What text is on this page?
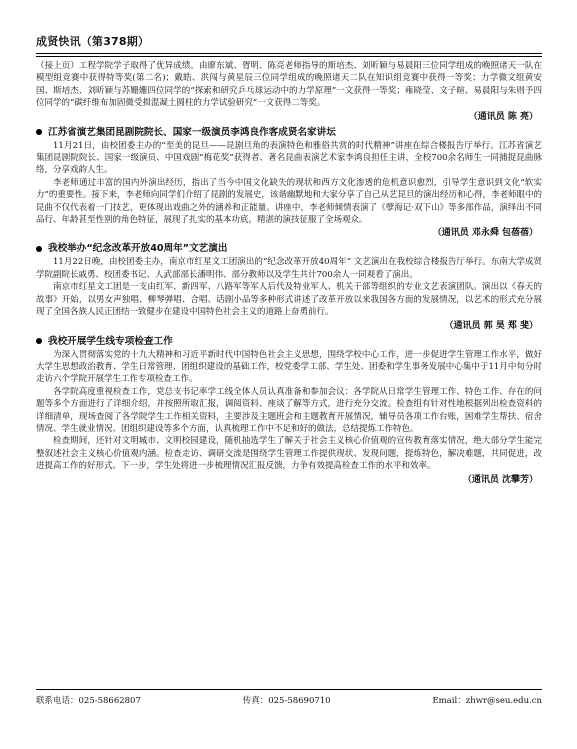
成贤快讯（第378期）

（接上页）工程学院学子取得了优异成绩。由廖东斌、胥明、陈亮老师指导的斯培杰、刘昕颖与易晨阳三位同学组成的晚照诸天一队在模型组竞赛中获得特等奖(第二名)；戴皓、洪闯与黄星辰三位同学组成的晚照诸天二队在知识组竞赛中获得一等奖；力学微文组黄安国、斯培杰、刘昕颖与苏姗姗四位同学的“探索和研究乒乓球运动中的力学原理”一文获得一等奖；雍晓莹、文子暄、易晨阳与朱则予四位同学的“碳纤维布加固微受损混凝土圆柱的力学试验研究”一文获得二等奖。

（通讯员 陈 亮）
江苏省演艺集团昆剧院院长、国家一级演员李鸿良作客成贤名家讲坛

11月21日，由校团委主办的“至美的昆旦——昆剧旦角的表演特色和雅俗共赏的时代精神”讲座在综合楼报告厅举行。江苏省演艺集团昆剧院院长、国家一级演员、中国戏剧“梅花奖”获得者、著名昆曲表演艺术家李鸿良担任主讲，全校700余名师生一同捕捉昆曲脉络，分享戏韵人生。

李老师通过丰富的国内外演出经历，指出了当今中国文化缺失的现状和西方文化渗透的危机意识愈烈，引导学生意识到文化“软实力”的重要性。接下来，李老师向同学们介绍了昆剧的发展史，该谐幽默地和大家分享了自己从艺昆旦的演出经历和心得，李老师眼中的昆曲不仅代表着一门技艺，更体现出戏曲之外的涵养和正能量。讲座中，李老师倾情表演了《孽海记·双下山》等多部作品，演绎出不同品行、年龄甚至性别的角色特征，展现了扎实的基本功底，精湛的演技征服了全场观众。

（通讯员 邓永舜 包蓓蓓）
我校举办“纪念改革开放40周年”文艺演出

11月22日晚，由校团委主办，南京市红星文工团演出的“纪念改革开放40周年” 文艺演出在我校综合楼报告厅举行。东南大学成贤学院副院长戚勇、校团委书记、人武部部长潘明伟、部分教师以及学生共计700余人一同观看了演出。

南京市红星文工团是一支由红军、新四军、八路军等军人后代及特业军人、机关干部等组织的专业文艺表演团队。演出以《春天的故事》开始，以男女声独唱、柳琴弹唱、合唱、话剧小品等多种形式讲述了改革开放以来我国各方面的发展情况，以艺术的形式充分展现了全国各族人民正团结一致健步在建设中国特色社会主义的道路上奋勇前行。

（通讯员 郭 昊 郑 斐）
我校开展学生线专项检查工作

为深入贯彻落实党的十九大精神和习近平新时代中国特色社会主义思想，围绕学校中心工作，进一步促进学生管理工作水平，做好大学生思想政治教育、学生日常管理、团组织建设的基础工作，校党委学工部、学生处、团委和学生事务发展中心集中于11月中旬分时走访六个学院开展学生工作专项检查工作。

各学院高度重视检查工作，党总支书记率学工线全体人员认真准备和参加会议：各学院从日常学生管理工作、特色工作、存在的问题等多个方面进行了详细介绍，并按照所取汇报，调阅资料、座谈了解等方式，进行充分交流。检查组有针对性地根据列出检查资料的详细清单，现场查阅了各学院学生工作相关资料，主要涉及主题班会和主题教育开展情况，辅导员各项工作台账，困难学生帮扶、宿舍情况、学生就业情况、团组织建设等多个方面，认真梳理工作中不足和好的做法，总结提炼工作特色。

检查期间，还针对文明城市、文明校园建设，随机抽选学生了解关于社会主义核心价值观的宣传教育落实情况，绝大部分学生能完整叙述社会主义核心价值观内涵。检查走访、调研交流是围绕学生管理工作提供现状、发现问题，提炼特色，解决难题，共同促进，改进提高工作的好形式。下一步，学生处将进一步梳理情况汇报反馈，力争有效提高检查工作的水平和效率。

（通讯员 沈攀芳）
联系电话：025-58662807	传真：025-58690710	Email：zhwr@seu.edu.cn
